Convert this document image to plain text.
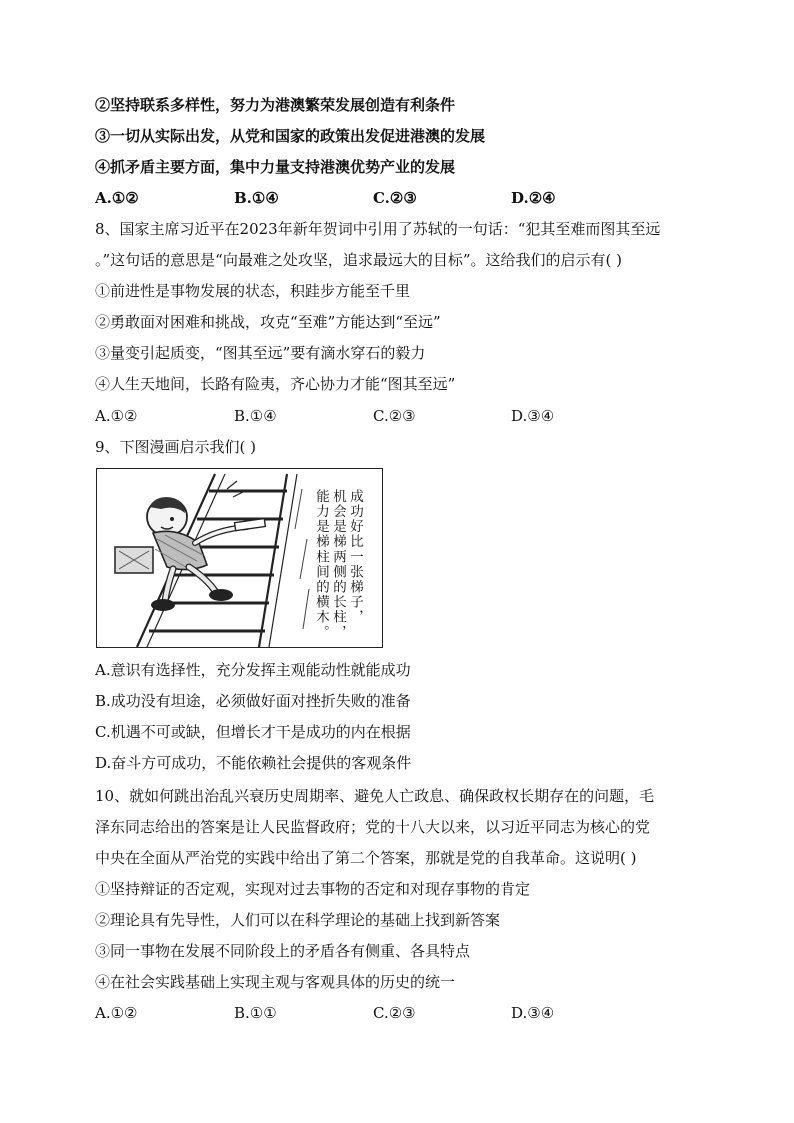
②坚持联系多样性，努力为港澳繁荣发展创造有利条件
③一切从实际出发，从党和国家的政策出发促进港澳的发展
④抓矛盾主要方面，集中力量支持港澳优势产业的发展
A.①②	B.①④	C.②③	D.②④
8、国家主席习近平在2023年新年贺词中引用了苏轼的一句话：“犯其至难而图其至远
。”这句话的意思是“向最难之处攻坚，追求最远大的目标”。这给我们的启示有( )
①前进性是事物发展的状态，积跬步方能至千里
②勇敢面对困难和挑战，攻克“至难”方能达到“至远”
③量变引起质变，“图其至远”要有滴水穿石的毅力
④人生天地间，长路有险夷，齐心协力才能“图其至远”
A.①②	B.①④	C.②③	D.③④
9、下图漫画启示我们( )
成功好比一张梯子，
机会是梯两侧的长柱，
能力是梯柱间的横木。
A.意识有选择性，充分发挥主观能动性就能成功
B.成功没有坦途，必须做好面对挫折失败的准备
C.机遇不可或缺，但增长才干是成功的内在根据
D.奋斗方可成功，不能依赖社会提供的客观条件
10、就如何跳出治乱兴衰历史周期率、避免人亡政息、确保政权长期存在的问题，毛
泽东同志给出的答案是让人民监督政府；党的十八大以来，以习近平同志为核心的党
中央在全面从严治党的实践中给出了第二个答案，那就是党的自我革命。这说明( )
①坚持辩证的否定观，实现对过去事物的否定和对现存事物的肯定
②理论具有先导性，人们可以在科学理论的基础上找到新答案
③同一事物在发展不同阶段上的矛盾各有侧重、各具特点
④在社会实践基础上实现主观与客观具体的历史的统一
A.①②	B.①①	C.②③	D.③④
